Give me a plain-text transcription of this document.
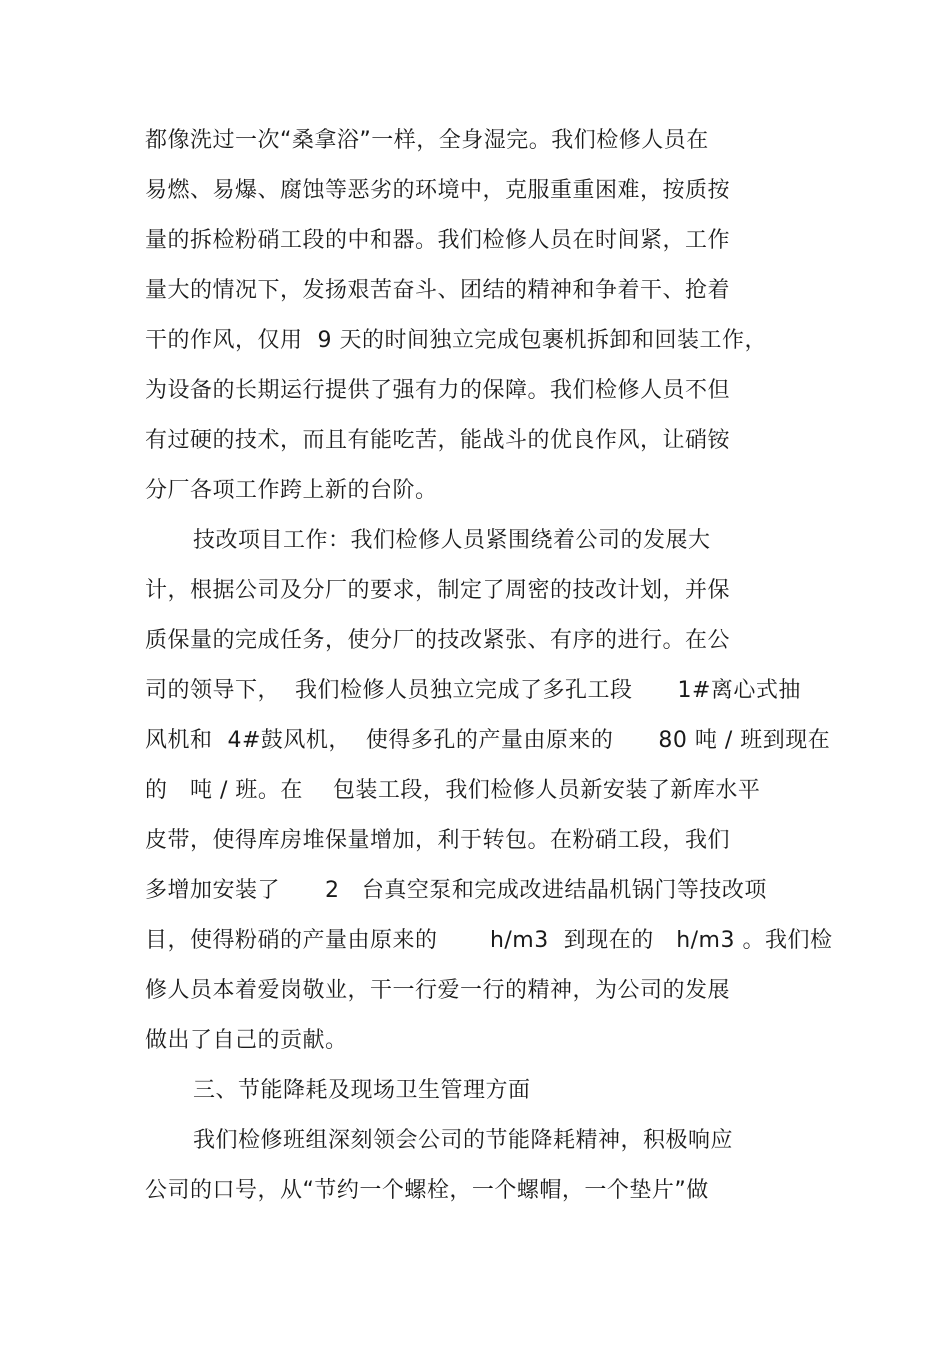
都像洗过一次“桑拿浴”一样，全身湿完。我们检修人员在
易燃、易爆、腐蚀等恶劣的环境中，克服重重困难，按质按
量的拆检粉硝工段的中和器。我们检修人员在时间紧，工作
量大的情况下，发扬艰苦奋斗、团结的精神和争着干、抢着
干的作风，仅用  9 天的时间独立完成包裹机拆卸和回装工作，
为设备的长期运行提供了强有力的保障。我们检修人员不但
有过硬的技术，而且有能吃苦，能战斗的优良作风，让硝铵
分厂各项工作跨上新的台阶。
技改项目工作：我们检修人员紧围绕着公司的发展大
计，根据公司及分厂的要求，制定了周密的技改计划，并保
质保量的完成任务，使分厂的技改紧张、有序的进行。在公
司的领导下，  我们检修人员独立完成了多孔工段      1#离心式抽
风机和  4#鼓风机，  使得多孔的产量由原来的      80 吨 / 班到现在
的   吨 / 班。在    包装工段，我们检修人员新安装了新库水平
皮带，使得库房堆保量增加，利于转包。在粉硝工段，我们
多增加安装了      2   台真空泵和完成改进结晶机锅门等技改项
目，使得粉硝的产量由原来的       h/m3  到现在的   h/m3 。我们检
修人员本着爱岗敬业，干一行爱一行的精神，为公司的发展
做出了自己的贡献。
三、节能降耗及现场卫生管理方面
我们检修班组深刻领会公司的节能降耗精神，积极响应
公司的口号，从“节约一个螺栓，一个螺帽，一个垫片”做
